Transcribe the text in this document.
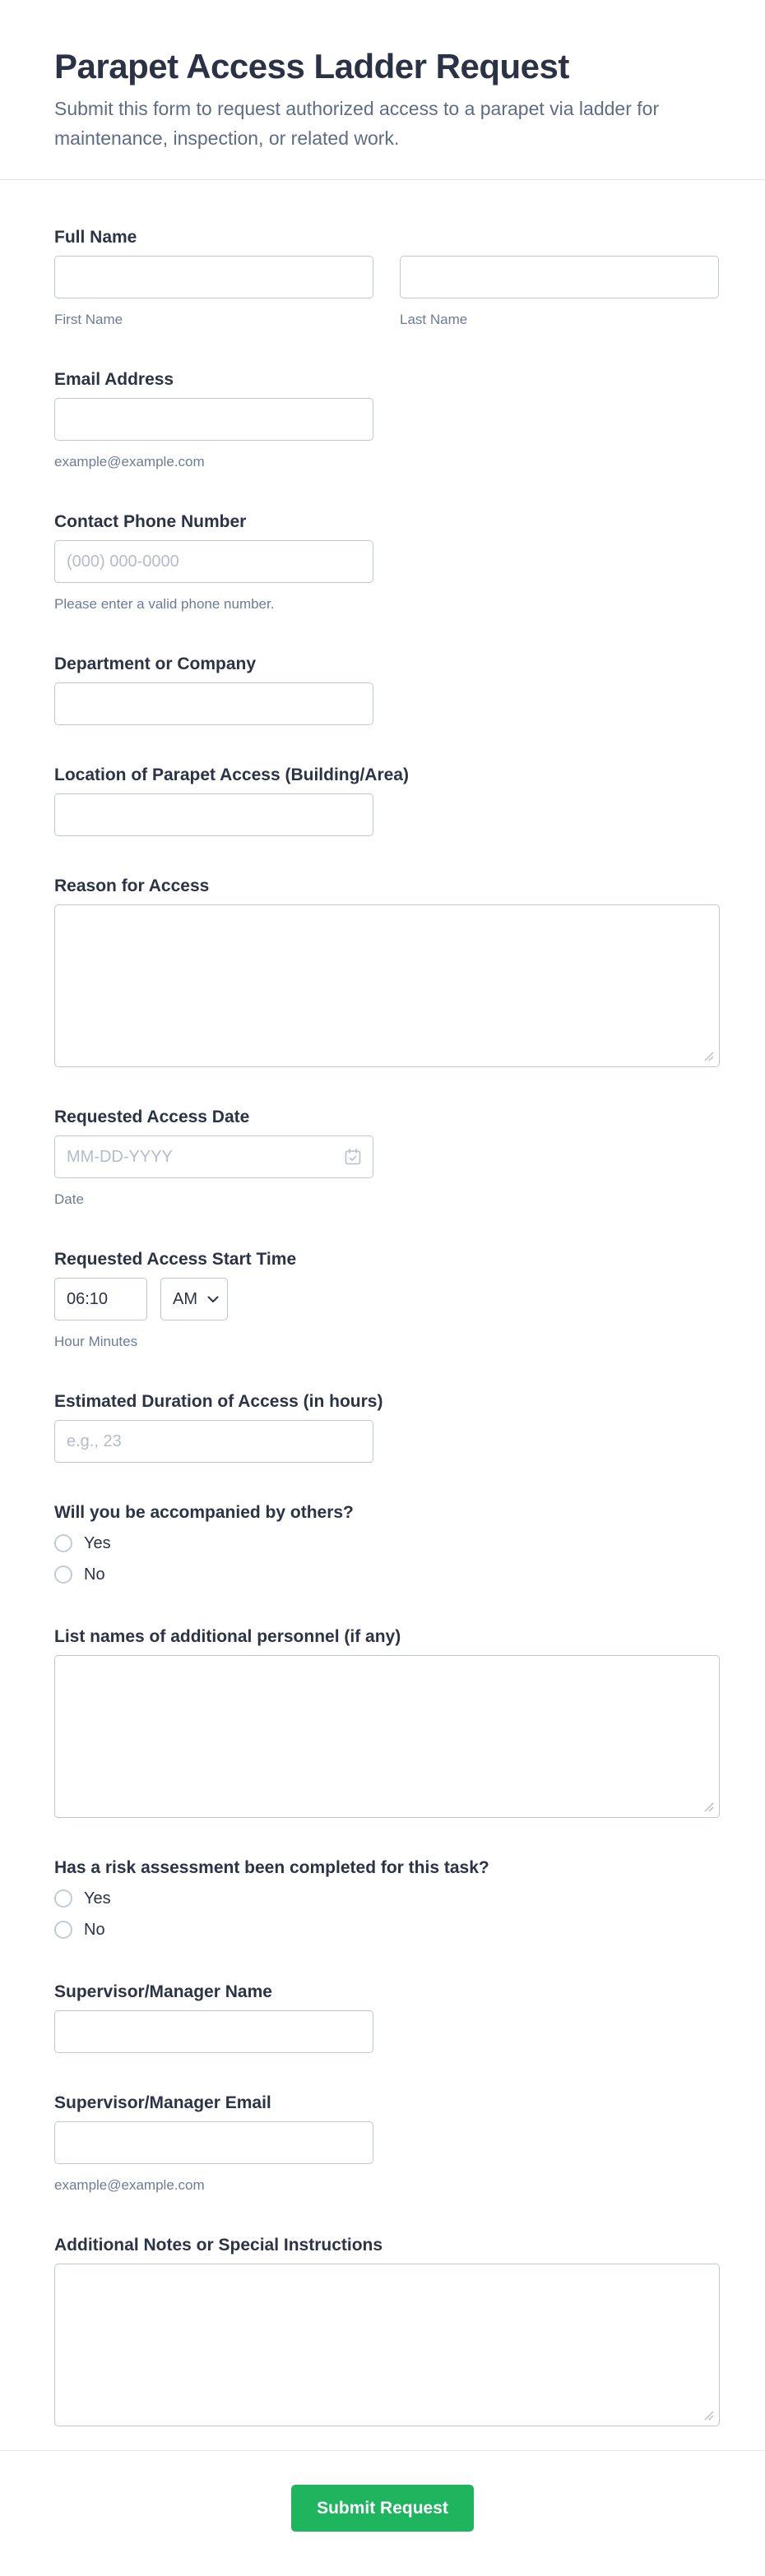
Parapet Access Ladder Request

Submit this form to request authorized access to a parapet via ladder for maintenance, inspection, or related work.

Full Name
First Name	Last Name
Email Address
example@example.com
Contact Phone Number
(000) 000-0000
Please enter a valid phone number.
Department or Company
Location of Parapet Access (Building/Area)
Reason for Access
Requested Access Date
MM-DD-YYYY
Date
Requested Access Start Time
06:10
AM
Hour Minutes
Estimated Duration of Access (in hours)
e.g., 23
Will you be accompanied by others?
Yes
No
List names of additional personnel (if any)
Has a risk assessment been completed for this task?
Yes
No
Supervisor/Manager Name
Supervisor/Manager Email
example@example.com
Additional Notes or Special Instructions
Submit Request
